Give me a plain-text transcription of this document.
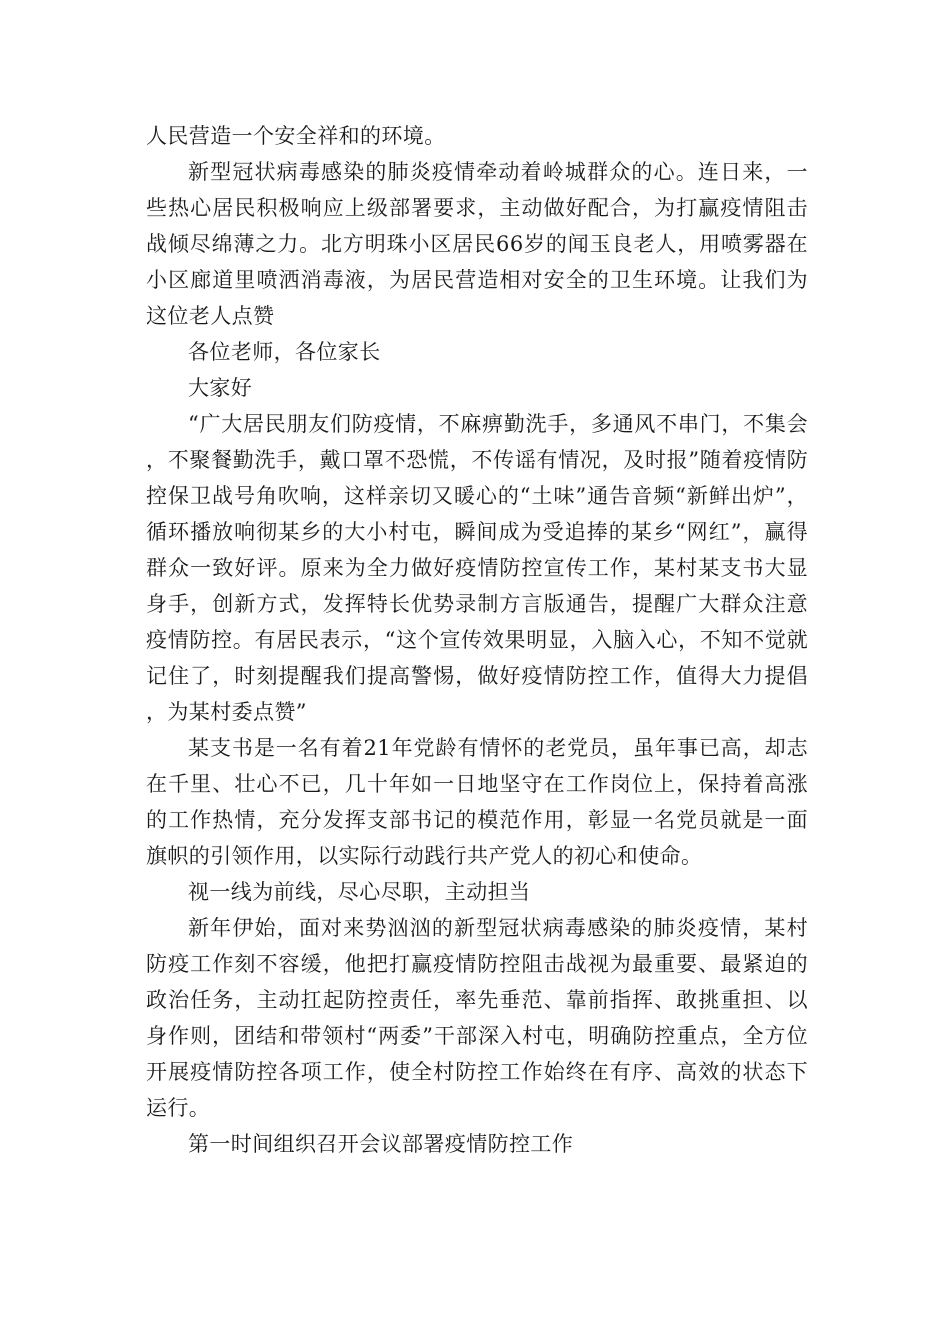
人民营造一个安全祥和的环境。

新型冠状病毒感染的肺炎疫情牵动着岭城群众的心。连日来，一些热心居民积极响应上级部署要求，主动做好配合，为打赢疫情阻击战倾尽绵薄之力。北方明珠小区居民66岁的闻玉良老人，用喷雾器在小区廊道里喷洒消毒液，为居民营造相对安全的卫生环境。让我们为这位老人点赞

各位老师，各位家长

大家好

“广大居民朋友们防疫情，不麻痹勤洗手，多通风不串门，不集会，不聚餐勤洗手，戴口罩不恐慌，不传谣有情况，及时报”随着疫情防控保卫战号角吹响，这样亲切又暖心的“土味”通告音频“新鲜出炉”，循环播放响彻某乡的大小村屯，瞬间成为受追捧的某乡“网红”，赢得群众一致好评。原来为全力做好疫情防控宣传工作，某村某支书大显身手，创新方式，发挥特长优势录制方言版通告，提醒广大群众注意疫情防控。有居民表示，“这个宣传效果明显，入脑入心，不知不觉就记住了，时刻提醒我们提高警惕，做好疫情防控工作，值得大力提倡，为某村委点赞”

某支书是一名有着21年党龄有情怀的老党员，虽年事已高，却志在千里、壮心不已，几十年如一日地坚守在工作岗位上，保持着高涨的工作热情，充分发挥支部书记的模范作用，彰显一名党员就是一面旗帜的引领作用，以实际行动践行共产党人的初心和使命。

视一线为前线，尽心尽职，主动担当

新年伊始，面对来势汹汹的新型冠状病毒感染的肺炎疫情，某村防疫工作刻不容缓，他把打赢疫情防控阻击战视为最重要、最紧迫的政治任务，主动扛起防控责任，率先垂范、靠前指挥、敢挑重担、以身作则，团结和带领村“两委”干部深入村屯，明确防控重点，全方位开展疫情防控各项工作，使全村防控工作始终在有序、高效的状态下运行。

第一时间组织召开会议部署疫情防控工作
